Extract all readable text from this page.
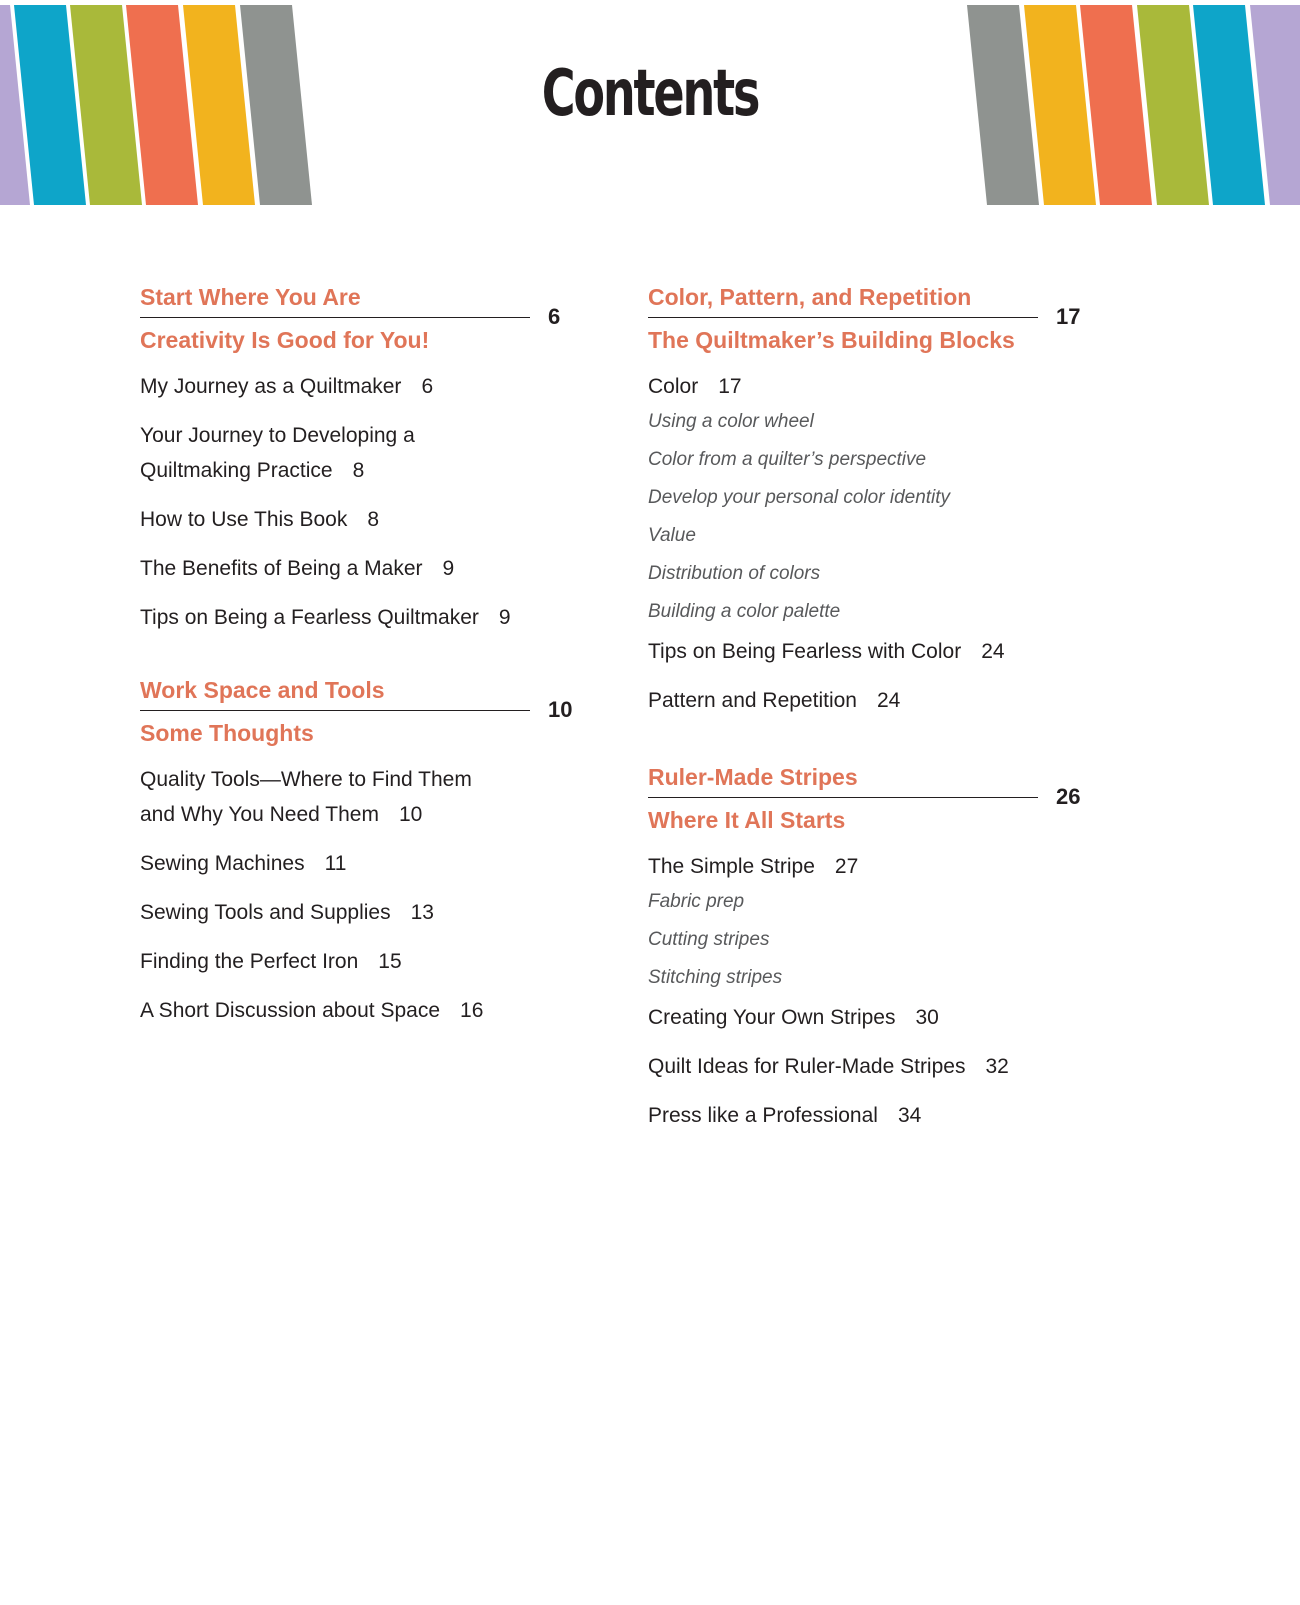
Contents
Start Where You Are
Creativity Is Good for You!
6
My Journey as a Quiltmaker 6
Your Journey to Developing a
Quiltmaking Practice 8
How to Use This Book 8
The Benefits of Being a Maker 9
Tips on Being a Fearless Quiltmaker 9
Work Space and Tools
Some Thoughts
10
Quality Tools—Where to Find Them
and Why You Need Them 10
Sewing Machines 11
Sewing Tools and Supplies 13
Finding the Perfect Iron 15
A Short Discussion about Space 16
Color, Pattern, and Repetition
The Quiltmaker’s Building Blocks
17
Color 17
Using a color wheel
Color from a quilter’s perspective
Develop your personal color identity
Value
Distribution of colors
Building a color palette
Tips on Being Fearless with Color 24
Pattern and Repetition 24
Ruler-Made Stripes
Where It All Starts
26
The Simple Stripe 27
Fabric prep
Cutting stripes
Stitching stripes
Creating Your Own Stripes 30
Quilt Ideas for Ruler-Made Stripes 32
Press like a Professional 34
